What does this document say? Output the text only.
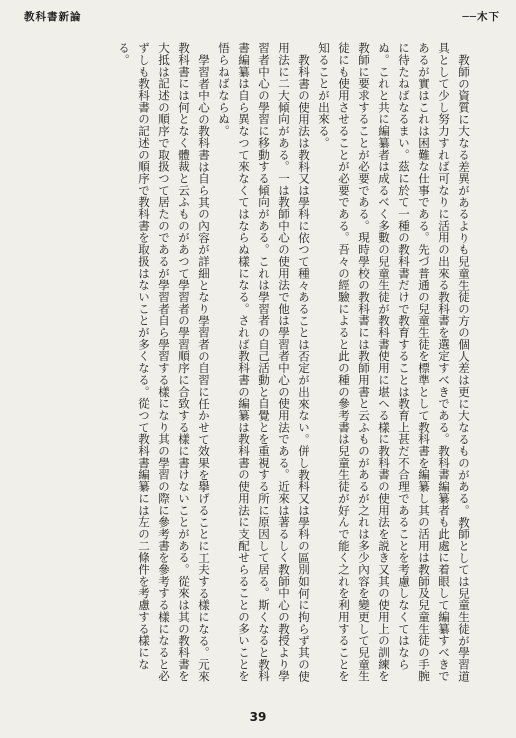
教科書新論	──木下

教師の資質に大なる差異があるよりも兒童生徒の方の個人差は更に大なるものがある。教師としては兒童生徒が學習道具として少し努力すれば可なりに活用の出來る教科書を選定すべきである。教科書編纂者も此處に着眼して編纂すべきであるが實はこれは困難な仕事である。先づ普通の兒童生徒を標準として教科書を編纂し其の活用は教師及兒童生徒の手腕に待たねばなるまい。茲に於て一種の教科書だけで教育することは教育上甚だ不合理であることを考慮しなくてはならぬ。これと共に編纂者は成るべく多數の兒童生徒が教科書使用に堪へる樣に教科書の使用法を説き又其の使用上の訓練を教師に要求することが必要である。現時學校の教科書には教師用書と云ふものがあるが之れは多少內容を變更して兒童生徒にも使用させることが必要である。吾々の經驗によると此の種の參考書は兒童生徒が好んで能く之れを利用することを知ることが出來る。

教科書の使用法は教科又は學科に依つて種々あることは否定が出來ない。併し教科又は學科の區別如何に拘らず其の使用法に二大傾向がある。一は教師中心の使用法で他は學習者中心の使用法である。近來は著るしく教師中心の教授より學習者中心の學習に移動する傾向がある。これは學習者の自己活動と自覺とを重視する所に原因して居る。斯くなると教科書編纂は自ら異なつて來なくてはならぬ樣になる。されば教科書の編纂は教科書の使用法に支配せらることの多いことを悟らねばならぬ。

學習者中心の教科書は自ら其の內容が詳細となり學習者の自習に任かせて效果を擧げることに工夫する樣になる。元來教科書には何となく體裁と云ふものがあつて學習者の學習順序に合致する樣に書けないことがある。從來は其の教科書を大抵は記述の順序で取扱つて居たのであるが學習者自ら學習する樣になり其の學習の際に參考書を參考する樣になると必ずしも教科書の記述の順序で教科書を取扱はないことが多くなる。從つて教科書編纂には左の二條件を考慮する樣になる。

39
